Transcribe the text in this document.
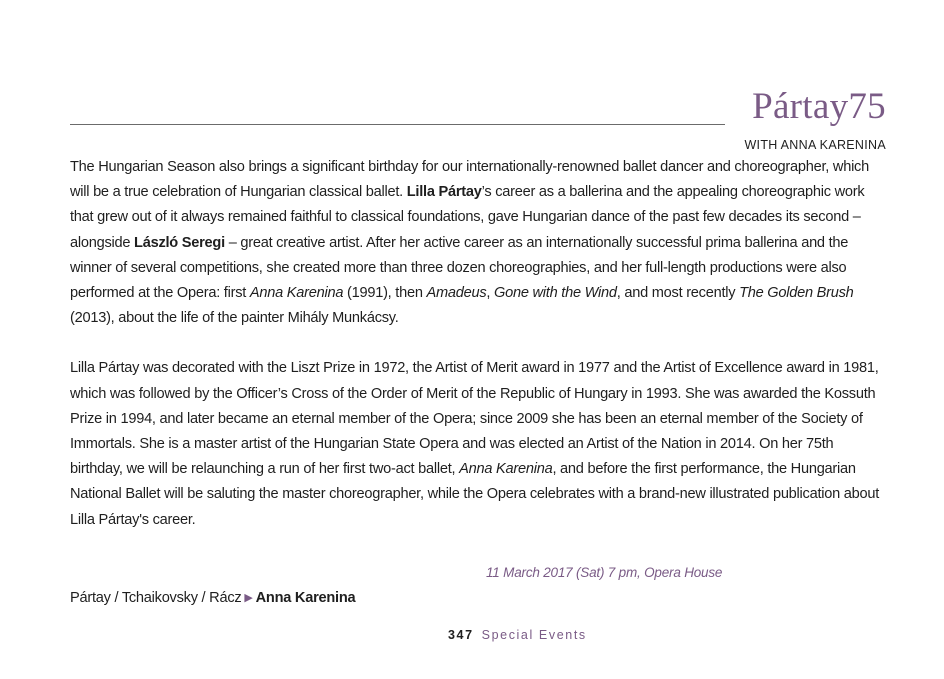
Pártay75
WITH ANNA KARENINA

The Hungarian Season also brings a significant birthday for our internationally-renowned ballet dancer and choreographer, which will be a true celebration of Hungarian classical ballet. Lilla Pártay’s career as a ballerina and the appealing choreographic work that grew out of it always remained faithful to classical foundations, gave Hungarian dance of the past few decades its second – alongside László Seregi – great creative artist. After her active career as an internationally successful prima ballerina and the winner of several competitions, she created more than three dozen choreographies, and her full-length productions were also performed at the Opera: first Anna Karenina (1991), then Amadeus, Gone with the Wind, and most recently The Golden Brush (2013), about the life of the painter Mihály Munkácsy.

Lilla Pártay was decorated with the Liszt Prize in 1972, the Artist of Merit award in 1977 and the Artist of Excellence award in 1981, which was followed by the Officer’s Cross of the Order of Merit of the Republic of Hungary in 1993. She was awarded the Kossuth Prize in 1994, and later became an eternal member of the Opera; since 2009 she has been an eternal member of the Society of Immortals. She is a master artist of the Hungarian State Opera and was elected an Artist of the Nation in 2014. On her 75th birthday, we will be relaunching a run of her first two-act ballet, Anna Karenina, and before the first performance, the Hungarian National Ballet will be saluting the master choreographer, while the Opera celebrates with a brand-new illustrated publication about Lilla Pártay's career.

11 March 2017 (Sat) 7 pm, Opera House
Pártay / Tchaikovsky / Rácz ▶ Anna Karenina
347 Special Events
